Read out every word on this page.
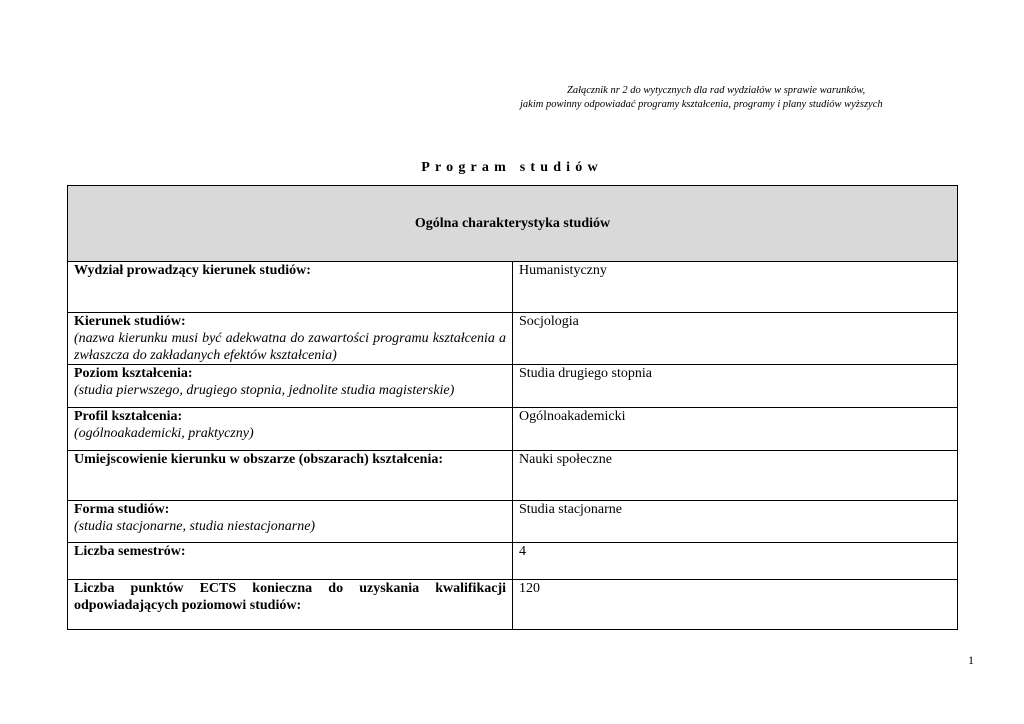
Załącznik nr 2 do wytycznych dla rad wydziałów w sprawie warunków,
jakim powinny odpowiadać programy kształcenia, programy i plany studiów wyższych
Program studiów
Ogólna charakterystyka studiów	
Wydział prowadzący kierunek studiów:	Humanistyczny
Kierunek studiów:
(nazwa kierunku musi być adekwatna do zawartości programu kształcenia a zwłaszcza do zakładanych efektów kształcenia)	Socjologia
Poziom kształcenia:
(studia pierwszego, drugiego stopnia, jednolite studia magisterskie)	Studia drugiego stopnia
Profil kształcenia:
(ogólnoakademicki, praktyczny)	Ogólnoakademicki
Umiejscowienie kierunku w obszarze (obszarach) kształcenia:	Nauki społeczne
Forma studiów:
(studia stacjonarne, studia niestacjonarne)	Studia stacjonarne
Liczba semestrów:	4

Liczba punktów ECTS konieczna do uzyskania kwalifikacji odpowiadających poziomowi studiów:	120
1
